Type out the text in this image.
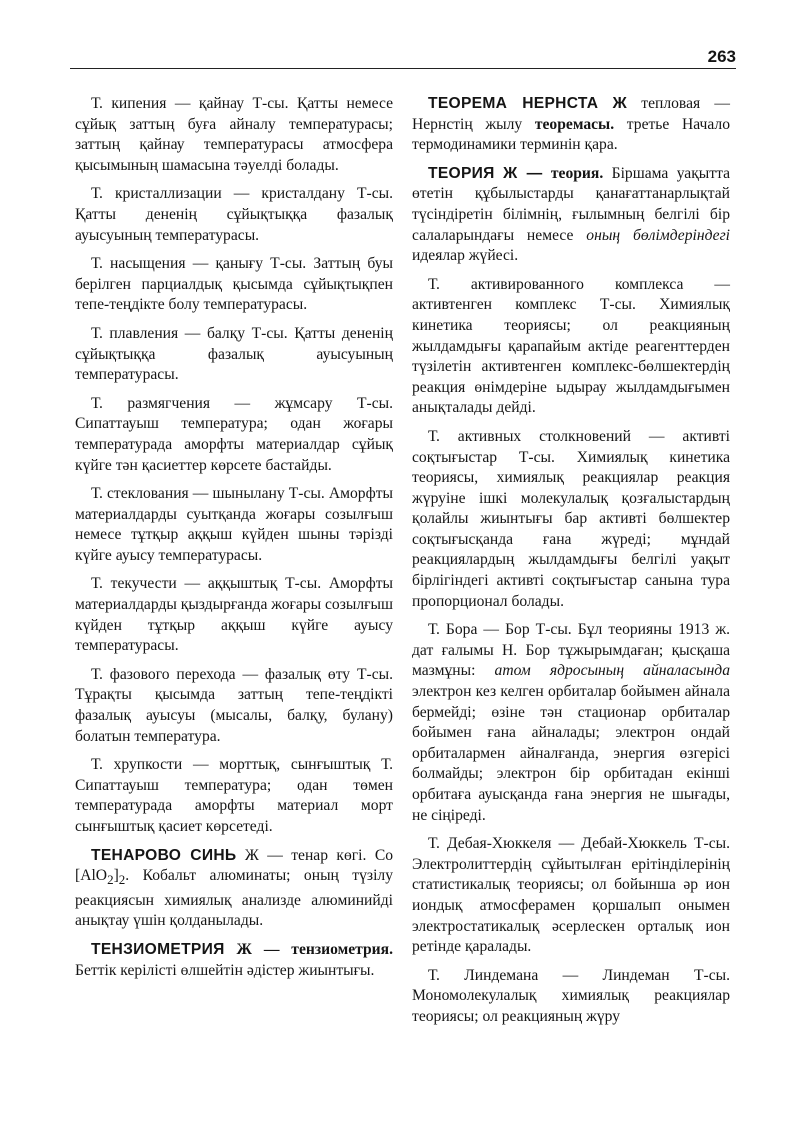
263

Т. кипения — қайнау Т-сы. Қатты немесе сұйық заттың буға айналу температурасы; заттың қайнау температурасы атмосфера қысымының шамасына тәуелді болады.

Т. кристаллизации — кристалдану Т-сы. Қатты дененің сұйықтыққа фазалық ауысуының температурасы.

Т. насыщения — қанығу Т-сы. Заттың буы берілген парциалдық қысымда сұйықтықпен тепе-теңдікте болу температурасы.

Т. плавления — балқу Т-сы. Қатты дененің сұйықтыққа фазалық ауысуының температурасы.

Т. размягчения — жұмсару Т-сы. Сипаттауыш температура; одан жоғары температурада аморфты материалдар сұйық күйге тән қасиеттер көрсете бастайды.

Т. стеклования — шынылану Т-сы. Аморфты материалдарды суытқанда жоғары созылғыш немесе тұтқыр аққыш күйден шыны тәрізді күйге ауысу температурасы.

Т. текучести — аққыштық Т-сы. Аморфты материалдарды қыздырғанда жоғары созылғыш күйден тұтқыр аққыш күйге ауысу температурасы.

Т. фазового перехода — фазалық өту Т-сы. Тұрақты қысымда заттың тепе-теңдікті фазалық ауысуы (мысалы, балқу, булану) болатын температура.

Т. хрупкости — морттық, сынғыштық Т. Сипаттауыш температура; одан төмен температурада аморфты материал морт сынғыштық қасиет көрсетеді.

ТЕНАРОВО СИНЬ Ж — тенар көгі. Со $[AlO_2]_2$. Кобальт алюминаты; оның түзілу реакциясын химиялық анализде алюминийді анықтау үшін қолданылады.

ТЕНЗИОМЕТРИЯ Ж — тензиометрия. Беттік керілісті өлшейтін әдістер жиынтығы.

ТЕОРЕМА НЕРНСТА Ж тепловая — Нернстің жылу теоремасы. третье Начало термодинамики терминін қара.

ТЕОРИЯ Ж — теория. Біршама уақытта өтетін құбылыстарды қанағаттанарлықтай түсіндіретін білімнің, ғылымның белгілі бір салаларындағы немесе оның бөлімдеріндегі идеялар жүйесі.

Т. активированного комплекса — активтенген комплекс Т-сы. Химиялық кинетика теориясы; ол реакцияның жылдамдығы қарапайым актіде реагенттерден түзілетін активтенген комплекс-бөлшектердің реакция өнімдеріне ыдырау жылдамдығымен анықталады дейді.

Т. активных столкновений — активті соқтығыстар Т-сы. Химиялық кинетика теориясы, химиялық реакциялар реакция жүруіне ішкі молекулалық қозғалыстардың қолайлы жиынтығы бар активті бөлшектер соқтығысқанда ғана жүреді; мұндай реакциялардың жылдамдығы белгілі уақыт бірлігіндегі активті соқтығыстар санына тура пропорционал болады.

Т. Бора — Бор Т-сы. Бұл теорияны 1913 ж. дат ғалымы Н. Бор тұжырымдаған; қысқаша мазмұны: атом ядросының айналасында электрон кез келген орбиталар бойымен айнала бермейді; өзіне тән стационар орбиталар бойымен ғана айналады; электрон ондай орбиталармен айналғанда, энергия өзгерісі болмайды; электрон бір орбитадан екінші орбитаға ауысқанда ғана энергия не шығады, не сіңіреді.

Т. Дебая-Хюккеля — Дебай-Хюккель Т-сы. Электролиттердің сұйытылған ерітінділерінің статистикалық теориясы; ол бойынша әр ион иондық атмосферамен қоршалып онымен электростатикалық әсерлескен орталық ион ретінде қаралады.

Т. Линдемана — Линдеман Т-сы. Мономолекулалық химиялық реакциялар теориясы; ол реакцияның жүру
